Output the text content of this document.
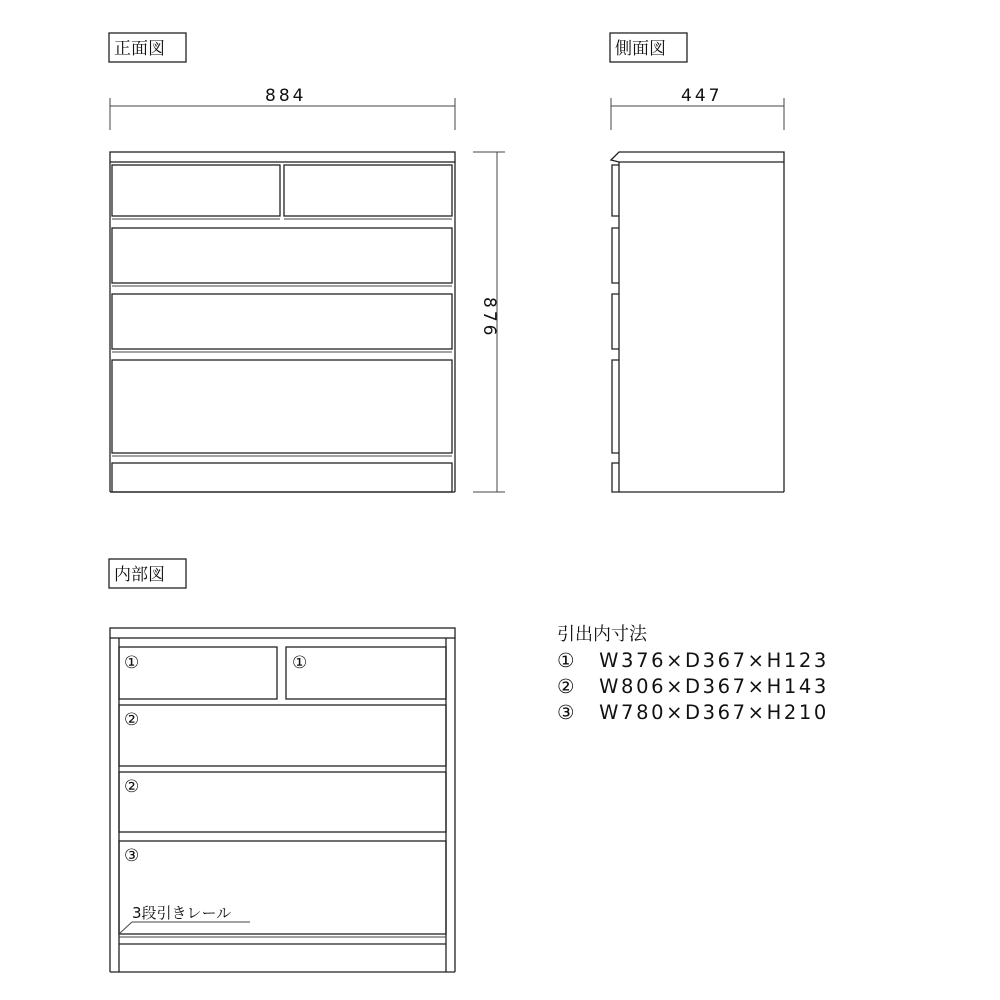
正面図
884
876
側面図
447
内部図
①	①
②
②
③
3段引きレール
引出内寸法
①　W376×D367×H123
②　W806×D367×H143
③　W780×D367×H210
